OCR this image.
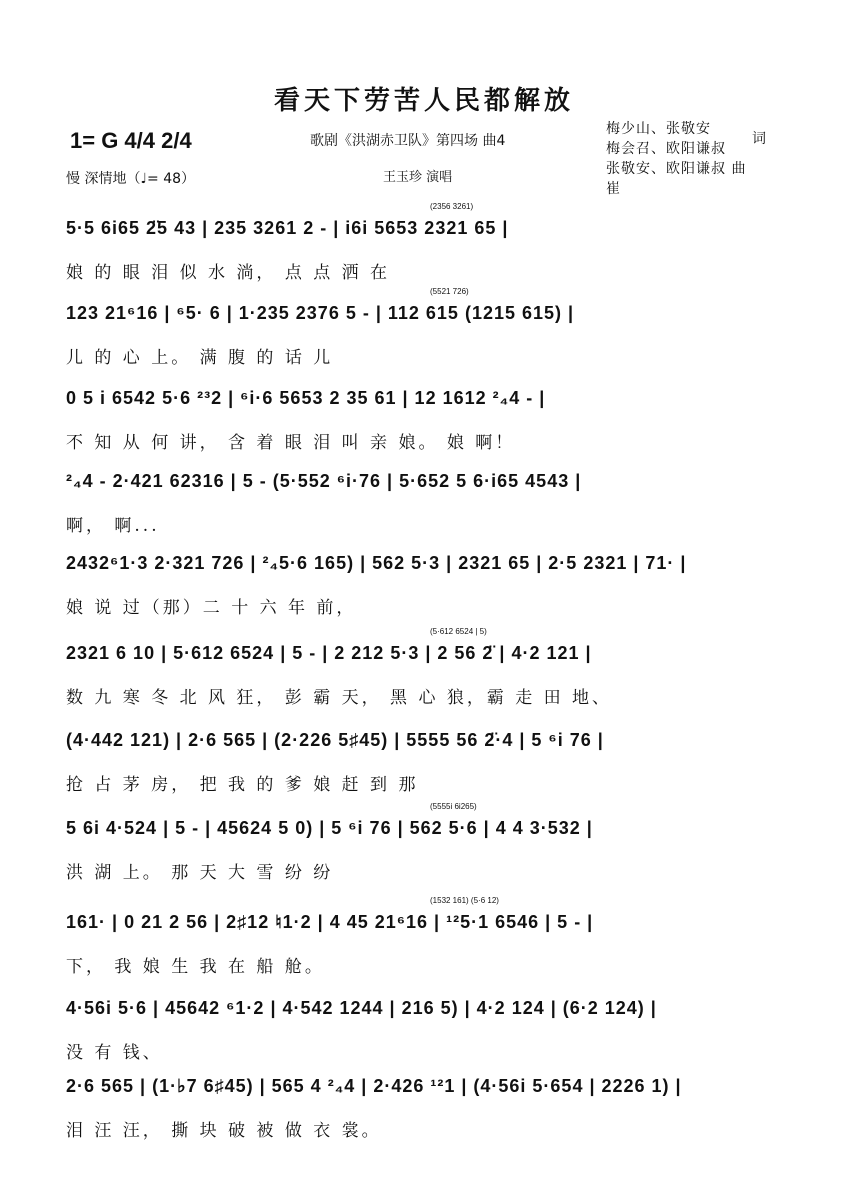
看天下劳苦人民都解放
1= G 4/4 2/4
慢 深情地（♩= 48）
歌剧《洪湖赤卫队》第四场 曲4
王玉珍 演唱
梅少山、张敬安
梅会召、欧阳谦叔
张敬安、欧阳谦叔 曲
崔
词
(2356 3261)
5·5 6i65 2̈5 43 | 235 3261 2 - | i6i 5653 2321 65 |
娘 的 眼 泪 似 水 淌， 点 点 洒 在
(5521 726)
123 21⁶16 | ⁶5· 6 | 1·235 2376 5 - | 112 615 (1215 615) |
儿 的 心 上。 满 腹 的 话 儿
0 5 i 6542 5·6 ²³2 | ⁶i·6 5653 2 35 61 | 12 1612 ²₄4 - |
不 知 从 何 讲， 含 着 眼 泪 叫 亲 娘。 娘 啊！
²₄4 - 2·421 62316 | 5 - (5·552 ⁶i·76 | 5·652 5 6·i65 4543 |
啊， 啊...
2432⁶1·3 2·321 726 | ²₄5·6 165) | 562 5·3 | 2321 65 | 2·5 2321 | 71· |
娘 说 过（那）二 十 六 年 前，
(5·612 6524 | 5)
2321 6 10 | 5·612 6524 | 5 - | 2 212 5·3 | 2 56 2̈ | 4·2 121 |
数 九 寒 冬 北 风 狂， 彭 霸 天， 黑 心 狼，霸 走 田 地、
(4·442 121) | 2·6 565 | (2·226 5♯45) | 5555 56 2̈·4 | 5 ⁶i 76 |
抢 占 茅 房， 把 我 的 爹 娘 赶 到 那
(5555i 6i265)
5 6i 4·524 | 5 - | 45624 5 0) | 5 ⁶i 76 | 562 5·6 | 4 4 3·532 |
洪 湖 上。 那 天 大 雪 纷 纷
(1532 161) (5·6 12)
161· | 0 21 2 56 | 2♯12 ♮1·2 | 4 45 21⁶16 | ¹²5·1 6546 | 5 - |
下， 我 娘 生 我 在 船 舱。
4·56i 5·6 | 45642 ⁶1·2 | 4·542 1244 | 216 5) | 4·2 124 | (6·2 124) |
没 有 钱、
2·6 565 | (1·♭7 6♯45) | 565 4 ²₄4 | 2·426 ¹²1 | (4·56i 5·654 | 2226 1) |
泪 汪 汪， 撕 块 破 被 做 衣 裳。
